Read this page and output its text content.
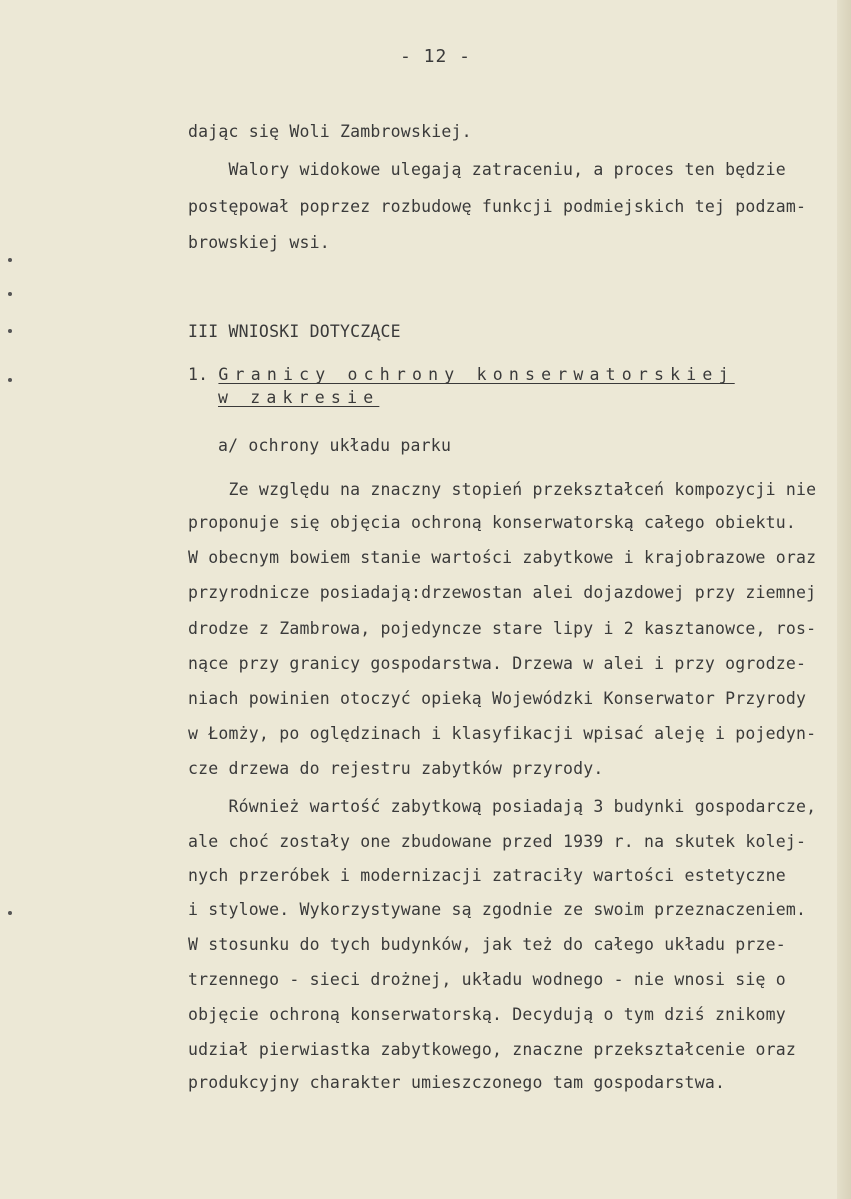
- 12 -
dając się Woli Zambrowskiej.
Walory widokowe ulegają zatraceniu, a proces ten będzie
postępował poprzez rozbudowę funkcji podmiejskich tej podzam-
browskiej wsi.
III WNIOSKI DOTYCZĄCE
1. Granicy ochrony konserwatorskiej
w zakresie
a/ ochrony układu parku
Ze względu na znaczny stopień przekształceń kompozycji nie
proponuje się objęcia ochroną konserwatorską całego obiektu.
W obecnym bowiem stanie wartości zabytkowe i krajobrazowe oraz
przyrodnicze posiadają:drzewostan alei dojazdowej przy ziemnej
drodze z Zambrowa, pojedyncze stare lipy i 2 kasztanowce, ros-
nące przy granicy gospodarstwa. Drzewa w alei i przy ogrodze-
niach powinien otoczyć opieką Wojewódzki Konserwator Przyrody
w Łomży, po oględzinach i klasyfikacji wpisać aleję i pojedyn-
cze drzewa do rejestru zabytków przyrody.
Również wartość zabytkową posiadają 3 budynki gospodarcze,
ale choć zostały one zbudowane przed 1939 r. na skutek kolej-
nych przeróbek i modernizacji zatraciły wartości estetyczne
i stylowe. Wykorzystywane są zgodnie ze swoim przeznaczeniem.
W stosunku do tych budynków, jak też do całego układu prze-
trzennego - sieci drożnej, układu wodnego - nie wnosi się o
objęcie ochroną konserwatorską. Decydują o tym dziś znikomy
udział pierwiastka zabytkowego, znaczne przekształcenie oraz
produkcyjny charakter umieszczonego tam gospodarstwa.
